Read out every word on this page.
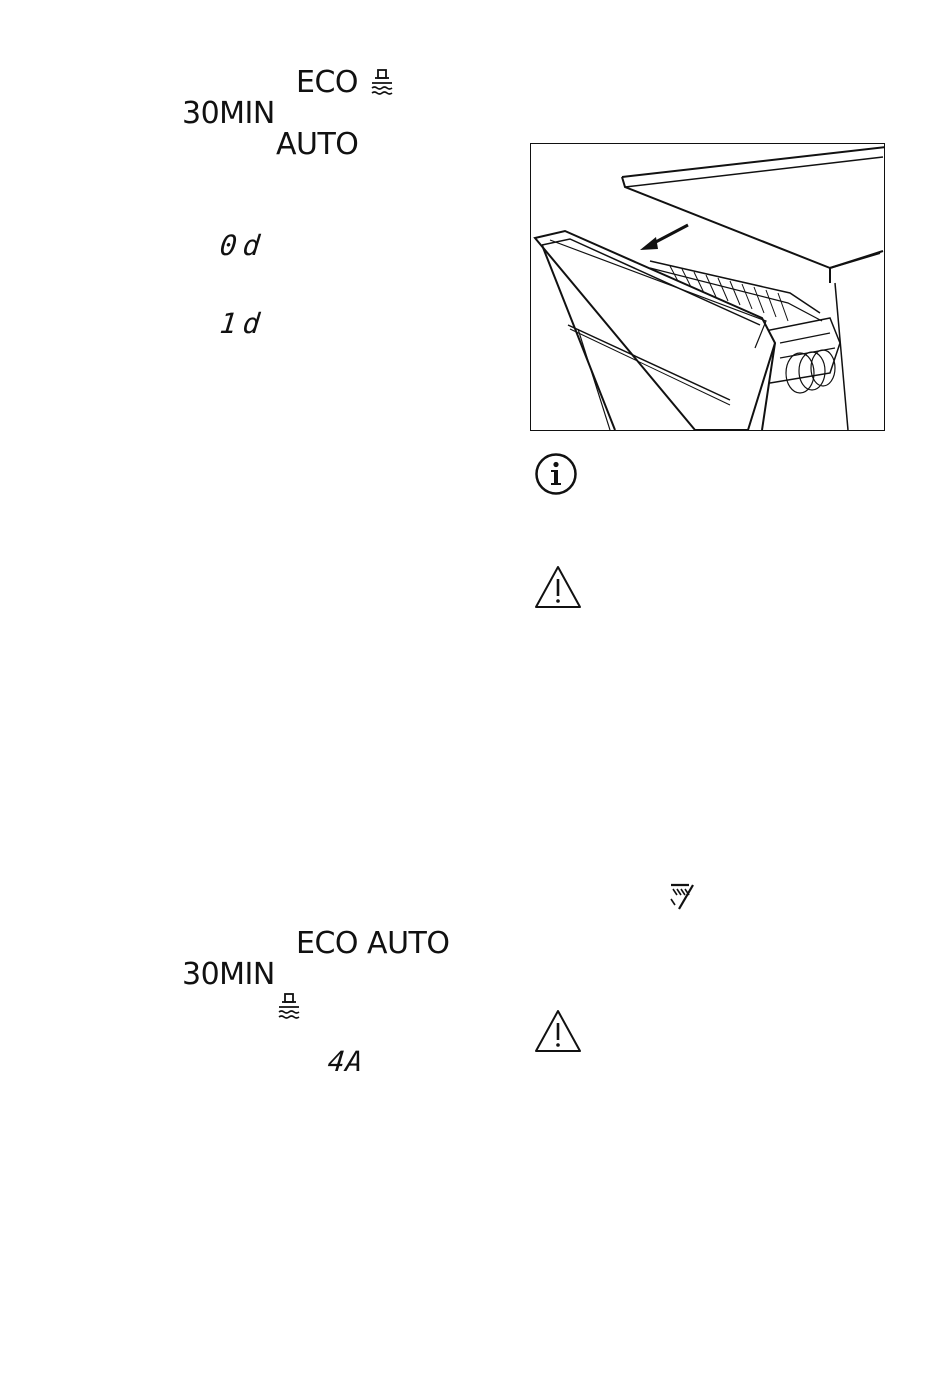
ECO
30MIN
AUTO
0d
1d
ECO AUTO
30MIN
4A
